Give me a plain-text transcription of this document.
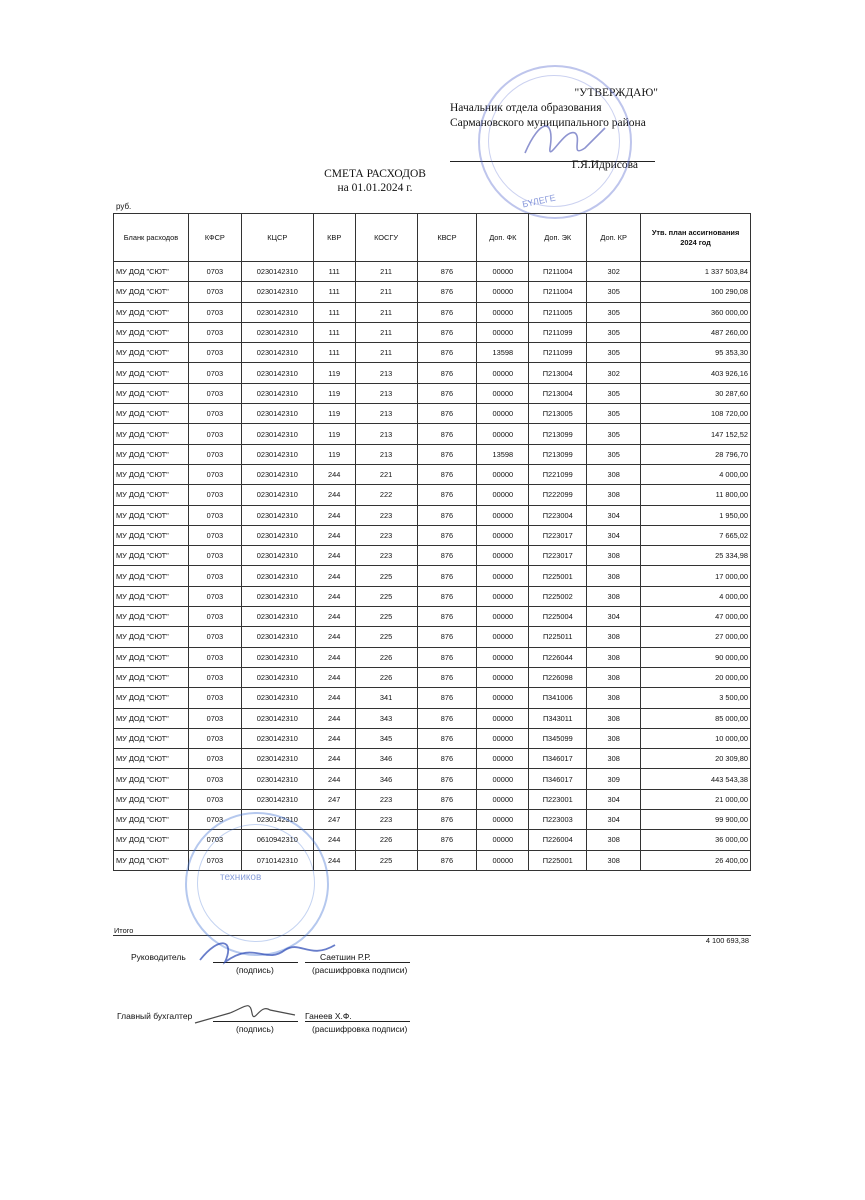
"УТВЕРЖДАЮ"
Начальник отдела образования
Сармановского муниципального района
Г.Я.Идрисова
БҮЛЕГЕ
СМЕТА РАСХОДОВ
на 01.01.2024 г.
руб.
Бланк расходов	КФСР	КЦСР	КВР	КОСГУ	КВСР	Доп. ФК	Доп. ЭК	Доп. КР	Утв. план ассигнования 2024 год
МУ ДОД "СЮТ"	0703	0230142310	111	211	876	00000	П211004	302	1 337 503,84
МУ ДОД "СЮТ"	0703	0230142310	111	211	876	00000	П211004	305	100 290,08
МУ ДОД "СЮТ"	0703	0230142310	111	211	876	00000	П211005	305	360 000,00
МУ ДОД "СЮТ"	0703	0230142310	111	211	876	00000	П211099	305	487 260,00
МУ ДОД "СЮТ"	0703	0230142310	111	211	876	13598	П211099	305	95 353,30
МУ ДОД "СЮТ"	0703	0230142310	119	213	876	00000	П213004	302	403 926,16
МУ ДОД "СЮТ"	0703	0230142310	119	213	876	00000	П213004	305	30 287,60
МУ ДОД "СЮТ"	0703	0230142310	119	213	876	00000	П213005	305	108 720,00
МУ ДОД "СЮТ"	0703	0230142310	119	213	876	00000	П213099	305	147 152,52
МУ ДОД "СЮТ"	0703	0230142310	119	213	876	13598	П213099	305	28 796,70
МУ ДОД "СЮТ"	0703	0230142310	244	221	876	00000	П221099	308	4 000,00
МУ ДОД "СЮТ"	0703	0230142310	244	222	876	00000	П222099	308	11 800,00
МУ ДОД "СЮТ"	0703	0230142310	244	223	876	00000	П223004	304	1 950,00
МУ ДОД "СЮТ"	0703	0230142310	244	223	876	00000	П223017	304	7 665,02
МУ ДОД "СЮТ"	0703	0230142310	244	223	876	00000	П223017	308	25 334,98
МУ ДОД "СЮТ"	0703	0230142310	244	225	876	00000	П225001	308	17 000,00
МУ ДОД "СЮТ"	0703	0230142310	244	225	876	00000	П225002	308	4 000,00
МУ ДОД "СЮТ"	0703	0230142310	244	225	876	00000	П225004	304	47 000,00
МУ ДОД "СЮТ"	0703	0230142310	244	225	876	00000	П225011	308	27 000,00
МУ ДОД "СЮТ"	0703	0230142310	244	226	876	00000	П226044	308	90 000,00
МУ ДОД "СЮТ"	0703	0230142310	244	226	876	00000	П226098	308	20 000,00
МУ ДОД "СЮТ"	0703	0230142310	244	341	876	00000	П341006	308	3 500,00
МУ ДОД "СЮТ"	0703	0230142310	244	343	876	00000	П343011	308	85 000,00
МУ ДОД "СЮТ"	0703	0230142310	244	345	876	00000	П345099	308	10 000,00
МУ ДОД "СЮТ"	0703	0230142310	244	346	876	00000	П346017	308	20 309,80
МУ ДОД "СЮТ"	0703	0230142310	244	346	876	00000	П346017	309	443 543,38
МУ ДОД "СЮТ"	0703	0230142310	247	223	876	00000	П223001	304	21 000,00
МУ ДОД "СЮТ"	0703	0230142310	247	223	876	00000	П223003	304	99 900,00
МУ ДОД "СЮТ"	0703	0610942310	244	226	876	00000	П226004	308	36 000,00
МУ ДОД "СЮТ"	0703	0710142310	244	225	876	00000	П225001	308	26 400,00
Итого
4 100 693,38
техников
Руководитель
(подпись)
Саетшин Р.Р.
(расшифровка подписи)
Главный бухгалтер
(подпись)
Ганеев Х.Ф.
(расшифровка подписи)
